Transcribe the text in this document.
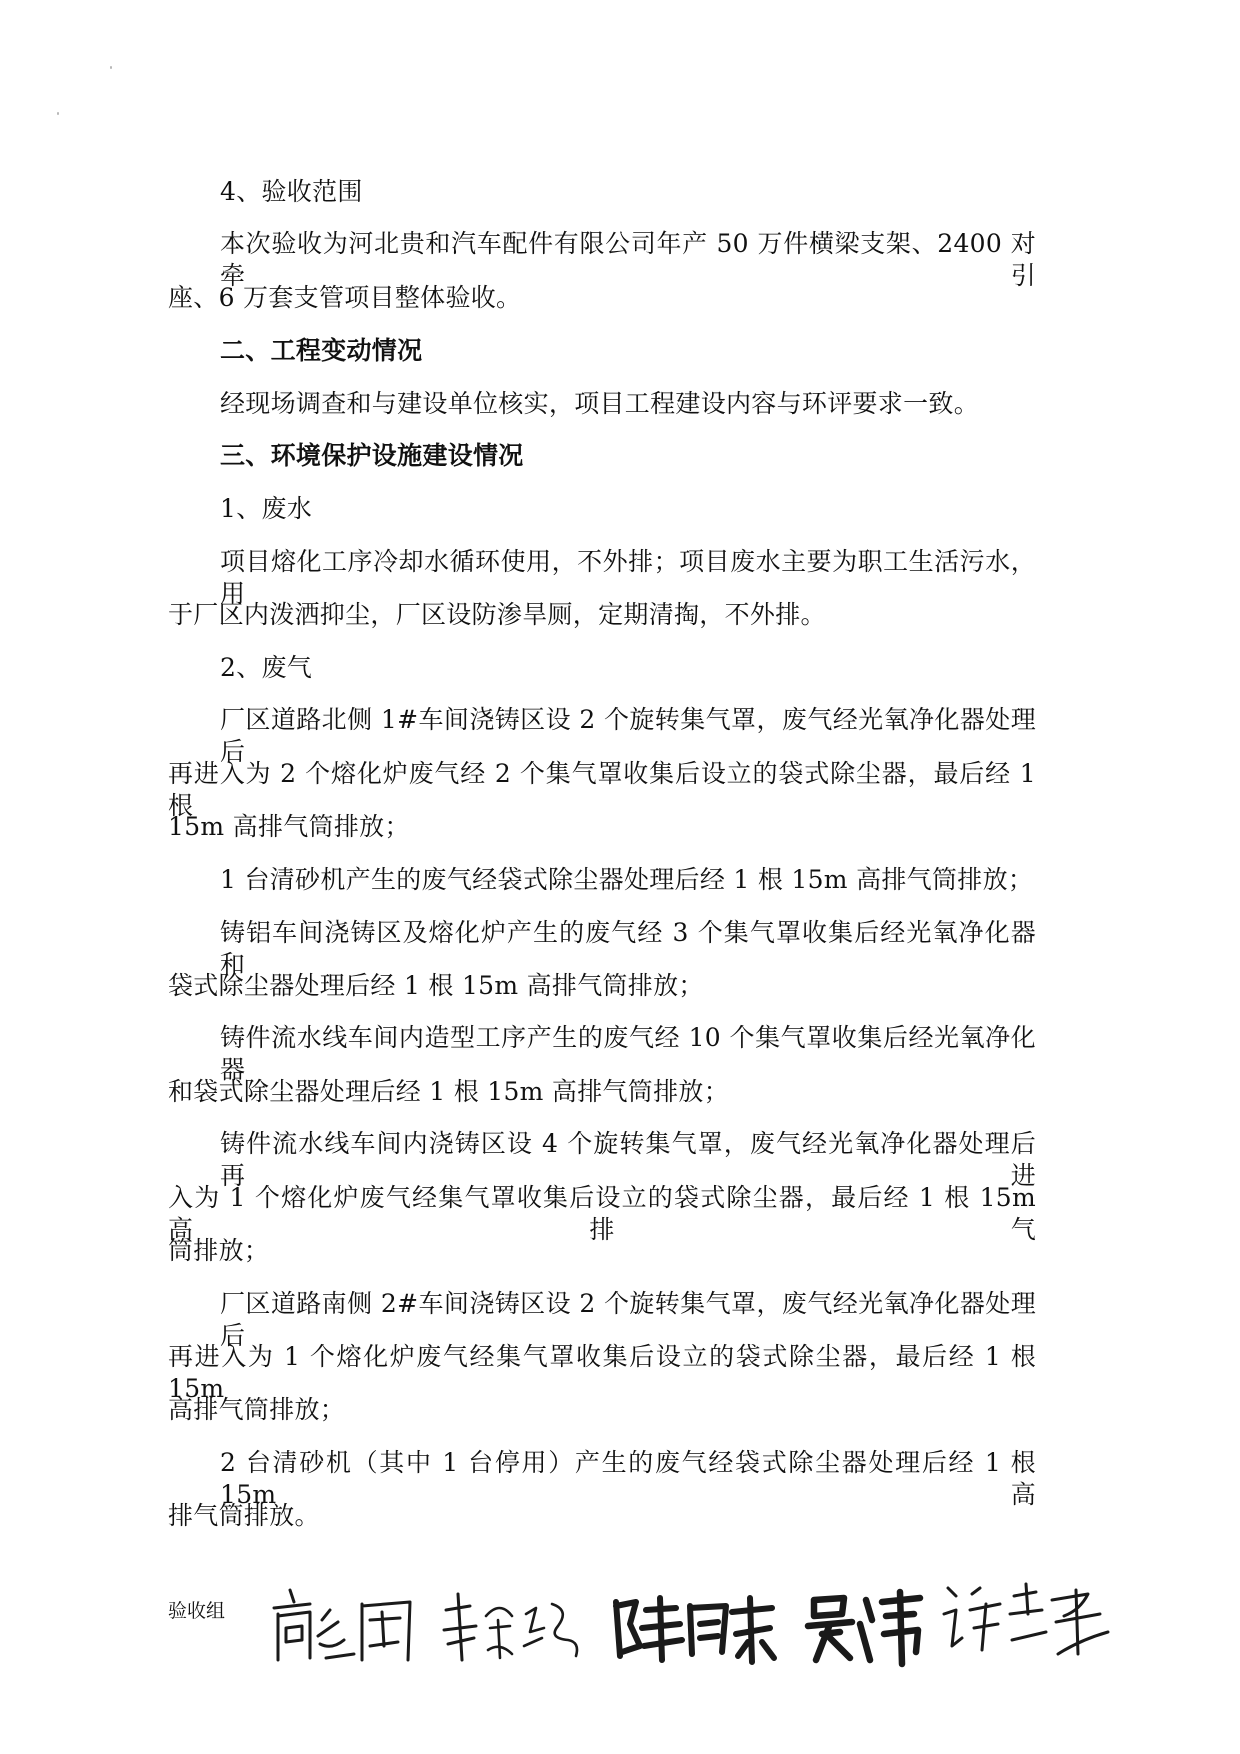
4、验收范围
本次验收为河北贵和汽车配件有限公司年产 50 万件横梁支架、2400 对牵引
座、6 万套支管项目整体验收。
二、工程变动情况
经现场调查和与建设单位核实，项目工程建设内容与环评要求一致。
三、环境保护设施建设情况
1、废水
项目熔化工序冷却水循环使用，不外排；项目废水主要为职工生活污水，用
于厂区内泼洒抑尘，厂区设防渗旱厕，定期清掏，不外排。
2、废气
厂区道路北侧 1#车间浇铸区设 2 个旋转集气罩，废气经光氧净化器处理后
再进入为 2 个熔化炉废气经 2 个集气罩收集后设立的袋式除尘器，最后经 1 根
15m 高排气筒排放；
1 台清砂机产生的废气经袋式除尘器处理后经 1 根 15m 高排气筒排放；
铸铝车间浇铸区及熔化炉产生的废气经 3 个集气罩收集后经光氧净化器和
袋式除尘器处理后经 1 根 15m 高排气筒排放；
铸件流水线车间内造型工序产生的废气经 10 个集气罩收集后经光氧净化器
和袋式除尘器处理后经 1 根 15m 高排气筒排放；
铸件流水线车间内浇铸区设 4 个旋转集气罩，废气经光氧净化器处理后再进
入为 1 个熔化炉废气经集气罩收集后设立的袋式除尘器，最后经 1 根 15m 高排气
筒排放；
厂区道路南侧 2#车间浇铸区设 2 个旋转集气罩，废气经光氧净化器处理后
再进入为 1 个熔化炉废气经集气罩收集后设立的袋式除尘器，最后经 1 根 15m
高排气筒排放；
2 台清砂机（其中 1 台停用）产生的废气经袋式除尘器处理后经 1 根 15m 高
排气筒排放。
验收组
